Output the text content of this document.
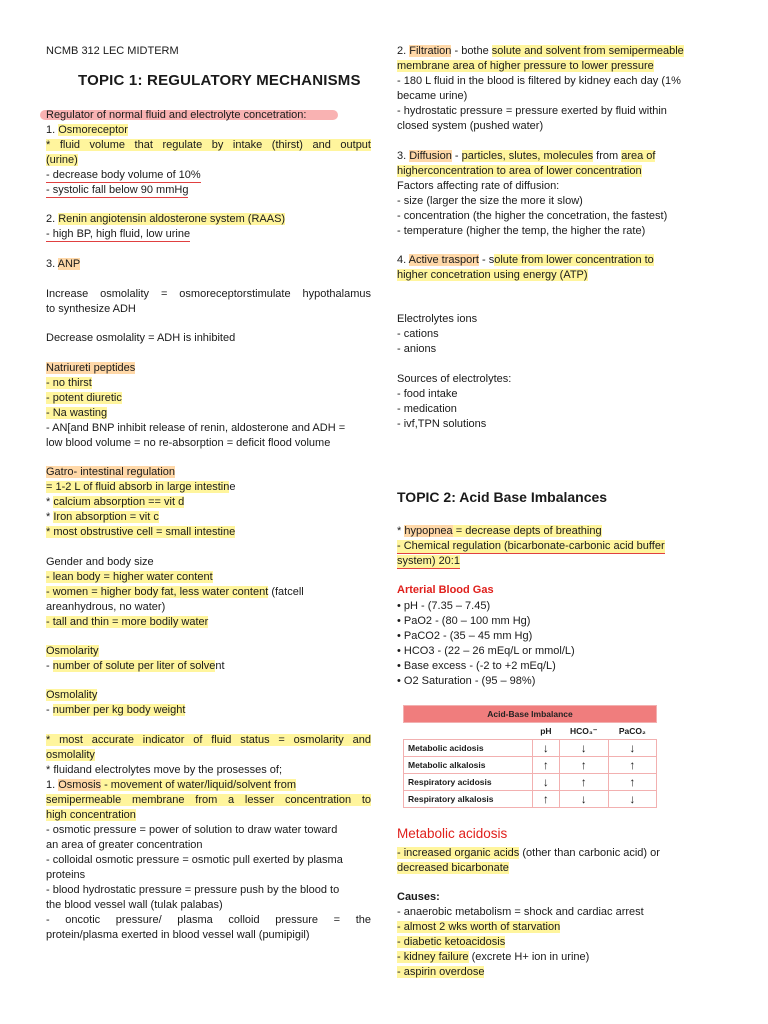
NCMB 312 LEC MIDTERM
TOPIC 1: REGULATORY MECHANISMS
Regulator of normal fluid and electrolyte concetration:
1. Osmoreceptor
* fluid volume that regulate by intake (thirst) and output
(urine)
- decrease body volume of 10%
- systolic fall below 90 mmHg
2. Renin angiotensin aldosterone system (RAAS)
- high BP, high fluid, low urine
3. ANP
Increase osmolality = osmoreceptorstimulate hypothalamus
to synthesize ADH
Decrease osmolality = ADH is inhibited
Natriureti peptides
- no thirst
- potent diuretic
- Na wasting
- AN[and BNP inhibit release of renin, aldosterone and ADH =
low blood volume = no re-absorption = deficit flood volume
Gatro- intestinal regulation
= 1-2 L of fluid absorb in large intestine
* calcium absorption == vit d
* Iron absorption = vit c
* most obstrustive cell = small intestine
Gender and body size
- lean body = higher water content
- women = higher body fat, less water content (fatcell
areanhydrous, no water)
- tall and thin = more bodily water
Osmolarity
- number of solute per liter of solvent
Osmolality
- number per kg body weight
* most accurate indicator of fluid status = osmolarity and
osmolality
* fluidand electrolytes move by the prosesses of;
1. Osmosis - movement of water/liquid/solvent from
semipermeable membrane from a lesser concentration to
high concentration
- osmotic pressure = power of solution to draw water toward
an area of greater concentration
- colloidal osmotic pressure = osmotic pull exerted by plasma
proteins
- blood hydrostatic pressure = pressure push by the blood to
the blood vessel wall (tulak palabas)
- oncotic pressure/ plasma colloid pressure = the
protein/plasma exerted in blood vessel wall (pumipigil)
2. Filtration - bothe solute and solvent from semipermeable
membrane area of higher pressure to lower pressure
- 180 L fluid in the blood is filtered by kidney each day (1%
became urine)
- hydrostatic pressure = pressure exerted by fluid within
closed system (pushed water)
3. Diffusion - particles, slutes, molecules from area of
higherconcentration to area of lower concentration
Factors affecting rate of diffusion:
- size (larger the size the more it slow)
- concentration (the higher the concetration, the fastest)
- temperature (higher the temp, the higher the rate)
4. Active trasport - solute from lower concentration to
higher concetration using energy (ATP)
Electrolytes ions
- cations
- anions
Sources of electrolytes:
- food intake
- medication
- ivf,TPN solutions
TOPIC 2: Acid Base Imbalances
* hypopnea = decrease depts of breathing
- Chemical regulation (bicarbonate-carbonic acid buffer
system) 20:1
Arterial Blood Gas
• pH - (7.35 – 7.45)
• PaO2 - (80 – 100 mm Hg)
• PaCO2 - (35 – 45 mm Hg)
• HCO3 - (22 – 26 mEq/L or mmol/L)
• Base excess - (-2 to +2 mEq/L)
• O2 Saturation - (95 – 98%)
Acid-Base Imbalance			
	pH	HCO₃⁻	PaCO₂
Metabolic acidosis	↓	↓	↓
Metabolic alkalosis	↑	↑	↑
Respiratory acidosis	↓	↑	↑
Respiratory alkalosis	↑	↓	↓
Metabolic acidosis
- increased organic acids (other than carbonic acid) or
decreased bicarbonate
Causes:
- anaerobic metabolism = shock and cardiac arrest
- almost 2 wks worth of starvation
- diabetic ketoacidosis
- kidney failure (excrete H+ ion in urine)
- aspirin overdose
